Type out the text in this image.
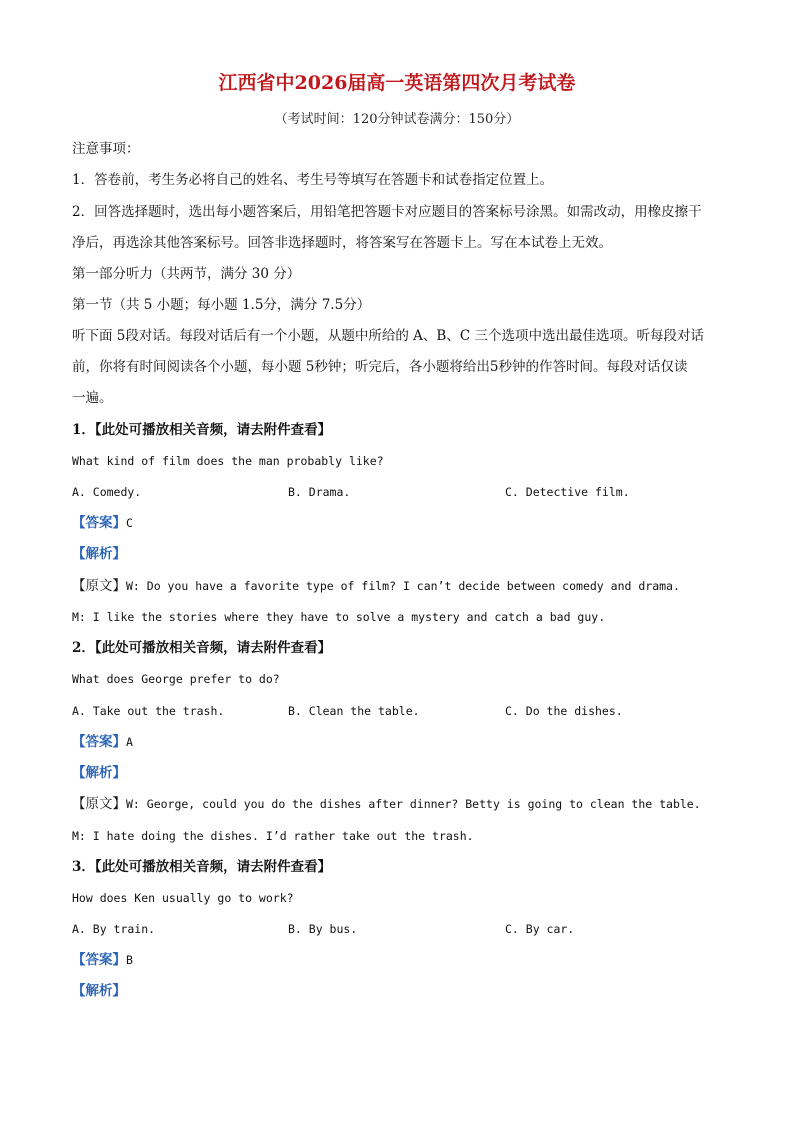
江西省中2026届高一英语第四次月考试卷
（考试时间：120分钟试卷满分：150分）
注意事项：
1．答卷前，考生务必将自己的姓名、考生号等填写在答题卡和试卷指定位置上。
2．回答选择题时，选出每小题答案后，用铅笔把答题卡对应题目的答案标号涂黑。如需改动，用橡皮擦干
净后，再选涂其他答案标号。回答非选择题时，将答案写在答题卡上。写在本试卷上无效。
第一部分听力（共两节，满分 30 分）
第一节（共 5 小题；每小题 1.5分，满分 7.5分）
听下面 5段对话。每段对话后有一个小题，从题中所给的 A、B、C 三个选项中选出最佳选项。听每段对话
前，你将有时间阅读各个小题，每小题 5秒钟；听完后，各小题将给出5秒钟的作答时间。每段对话仅读
一遍。
1．【此处可播放相关音频，请去附件查看】
What kind of film does the man probably like?
A. Comedy.	B. Drama.	C. Detective film.
【答案】C
【解析】
【原文】W: Do you have a favorite type of film? I can’t decide between comedy and drama.
M: I like the stories where they have to solve a mystery and catch a bad guy.
2．【此处可播放相关音频，请去附件查看】
What does George prefer to do?
A. Take out the trash.	B. Clean the table.	C. Do the dishes.
【答案】A
【解析】
【原文】W: George, could you do the dishes after dinner? Betty is going to clean the table.
M: I hate doing the dishes. I’d rather take out the trash.
3．【此处可播放相关音频，请去附件查看】
How does Ken usually go to work?
A. By train.	B. By bus.	C. By car.
【答案】B
【解析】
